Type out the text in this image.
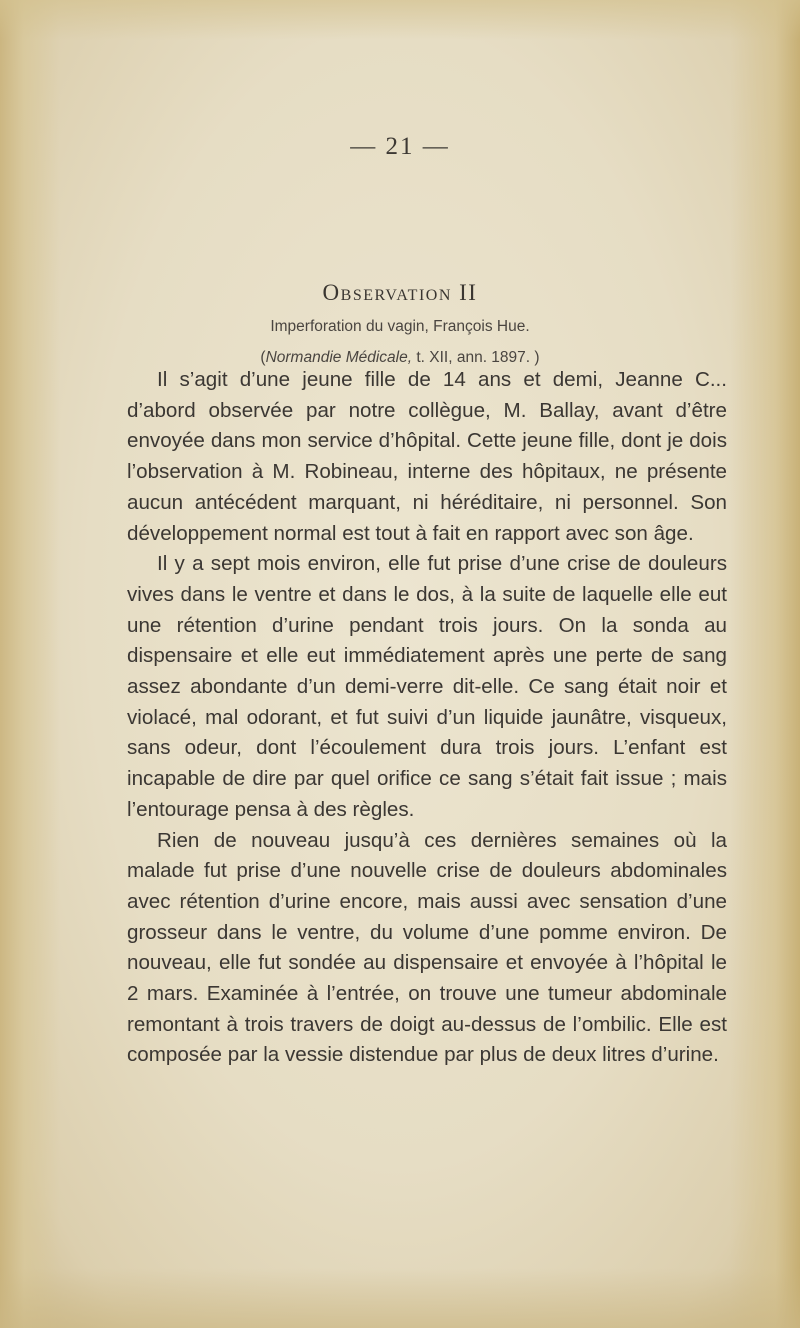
— 21 —
Observation II
Imperforation du vagin, François Hue.
(Normandie Médicale, t. XII, ann. 1897. )

Il s’agit d’une jeune fille de 14 ans et demi, Jeanne C... d’abord observée par notre collègue, M. Ballay, avant d’être envoyée dans mon service d’hôpital. Cette jeune fille, dont je dois l’observation à M. Robineau, interne des hôpitaux, ne présente aucun antécédent marquant, ni héréditaire, ni personnel. Son développement normal est tout à fait en rapport avec son âge.

Il y a sept mois environ, elle fut prise d’une crise de douleurs vives dans le ventre et dans le dos, à la suite de laquelle elle eut une rétention d’urine pendant trois jours. On la sonda au dispensaire et elle eut immédiatement après une perte de sang assez abondante d’un demi-verre dit-elle. Ce sang était noir et violacé, mal odorant, et fut suivi d’un liquide jaunâtre, visqueux, sans odeur, dont l’écoulement dura trois jours. L’enfant est incapable de dire par quel orifice ce sang s’était fait issue ; mais l’entourage pensa à des règles.

Rien de nouveau jusqu’à ces dernières semaines où la malade fut prise d’une nouvelle crise de douleurs abdominales avec rétention d’urine encore, mais aussi avec sensation d’une grosseur dans le ventre, du volume d’une pomme environ. De nouveau, elle fut sondée au dispensaire et envoyée à l’hôpital le 2 mars. Examinée à l’entrée, on trouve une tumeur abdominale remontant à trois travers de doigt au-dessus de l’ombilic. Elle est composée par la vessie distendue par plus de deux litres d’urine.
